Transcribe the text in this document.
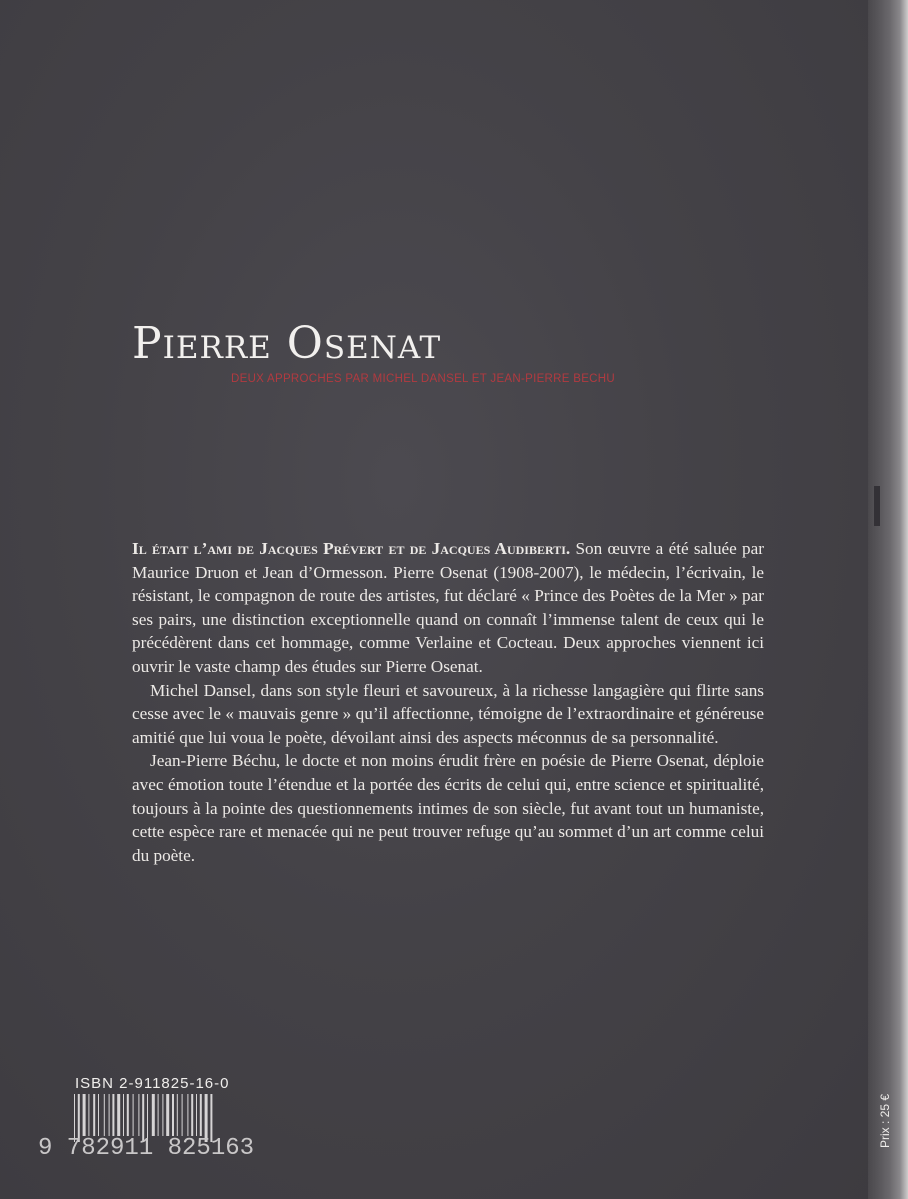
Pierre Osenat
DEUX APPROCHES PAR MICHEL DANSEL ET JEAN-PIERRE BECHU

Il était l’ami de Jacques Prévert et de Jacques Audiberti. Son œuvre a été saluée par Maurice Druon et Jean d’Ormesson. Pierre Osenat (1908-2007), le médecin, l’écrivain, le résistant, le compagnon de route des artistes, fut déclaré « Prince des Poètes de la Mer » par ses pairs, une distinction exceptionnelle quand on connaît l’immense talent de ceux qui le précédèrent dans cet hommage, comme Verlaine et Cocteau. Deux approches viennent ici ouvrir le vaste champ des études sur Pierre Osenat.

Michel Dansel, dans son style fleuri et savoureux, à la richesse langagière qui flirte sans cesse avec le « mauvais genre » qu’il affectionne, témoigne de l’extraordinaire et généreuse amitié que lui voua le poète, dévoilant ainsi des aspects méconnus de sa personnalité.

Jean-Pierre Béchu, le docte et non moins érudit frère en poésie de Pierre Osenat, déploie avec émotion toute l’étendue et la portée des écrits de celui qui, entre science et spiritualité, toujours à la pointe des questionnements intimes de son siècle, fut avant tout un humaniste, cette espèce rare et menacée qui ne peut trouver refuge qu’au sommet d’un art comme celui du poète.

ISBN 2-911825-16-0
9 782911 825163
Prix : 25 €
